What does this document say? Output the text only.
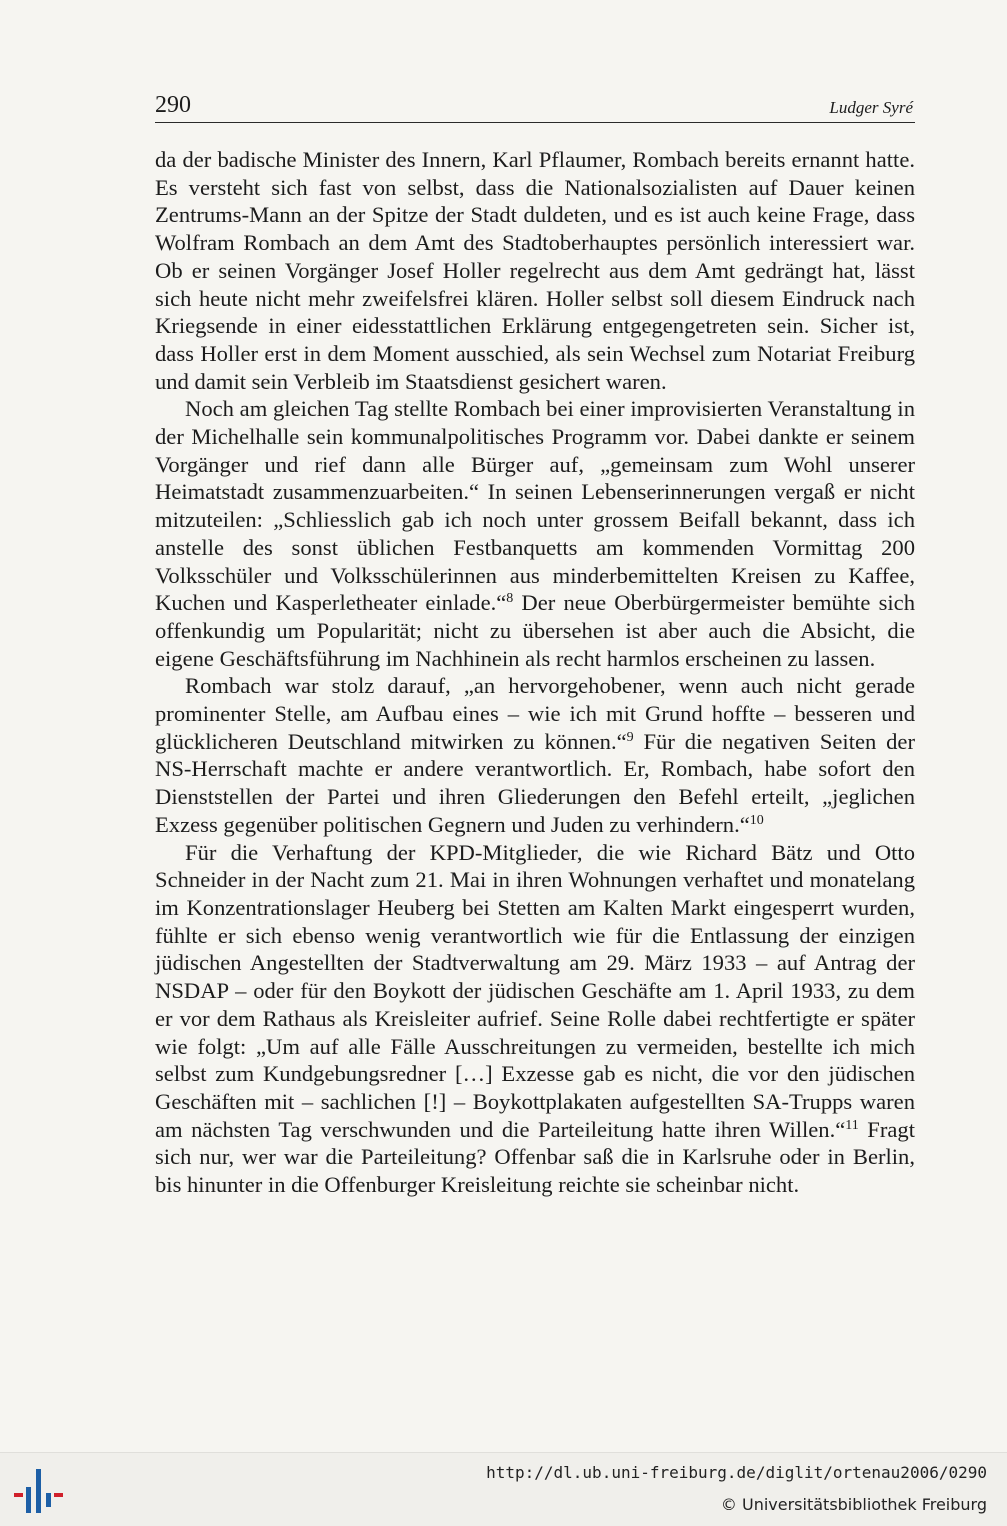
290	Ludger Syré

da der badische Minister des Innern, Karl Pflaumer, Rombach bereits ernannt hatte. Es versteht sich fast von selbst, dass die Nationalsozialisten auf Dauer keinen Zentrums-Mann an der Spitze der Stadt duldeten, und es ist auch keine Frage, dass Wolfram Rombach an dem Amt des Stadtoberhauptes persönlich interessiert war. Ob er seinen Vorgänger Josef Holler regelrecht aus dem Amt gedrängt hat, lässt sich heute nicht mehr zweifelsfrei klären. Holler selbst soll diesem Eindruck nach Kriegsende in einer eidesstattlichen Erklärung entgegengetreten sein. Sicher ist, dass Holler erst in dem Moment ausschied, als sein Wechsel zum Notariat Freiburg und damit sein Verbleib im Staatsdienst gesichert waren.

Noch am gleichen Tag stellte Rombach bei einer improvisierten Veranstaltung in der Michelhalle sein kommunalpolitisches Programm vor. Dabei dankte er seinem Vorgänger und rief dann alle Bürger auf, „gemeinsam zum Wohl unserer Heimatstadt zusammenzuarbeiten.“ In seinen Lebenserinnerungen vergaß er nicht mitzuteilen: „Schliesslich gab ich noch unter grossem Beifall bekannt, dass ich anstelle des sonst üblichen Festbanquetts am kommenden Vormittag 200 Volksschüler und Volksschülerinnen aus minderbemittelten Kreisen zu Kaffee, Kuchen und Kasperletheater einlade.“$^8$ Der neue Oberbürgermeister bemühte sich offenkundig um Popularität; nicht zu übersehen ist aber auch die Absicht, die eigene Geschäftsführung im Nachhinein als recht harmlos erscheinen zu lassen.

Rombach war stolz darauf, „an hervorgehobener, wenn auch nicht gerade prominenter Stelle, am Aufbau eines – wie ich mit Grund hoffte – besseren und glücklicheren Deutschland mitwirken zu können.“$^9$ Für die negativen Seiten der NS-Herrschaft machte er andere verantwortlich. Er, Rombach, habe sofort den Dienststellen der Partei und ihren Gliederungen den Befehl erteilt, „jeglichen Exzess gegenüber politischen Gegnern und Juden zu verhindern.“$^{10}$

Für die Verhaftung der KPD-Mitglieder, die wie Richard Bätz und Otto Schneider in der Nacht zum 21. Mai in ihren Wohnungen verhaftet und monatelang im Konzentrationslager Heuberg bei Stetten am Kalten Markt eingesperrt wurden, fühlte er sich ebenso wenig verantwortlich wie für die Entlassung der einzigen jüdischen Angestellten der Stadtverwaltung am 29. März 1933 – auf Antrag der NSDAP – oder für den Boykott der jüdischen Geschäfte am 1. April 1933, zu dem er vor dem Rathaus als Kreisleiter aufrief. Seine Rolle dabei rechtfertigte er später wie folgt: „Um auf alle Fälle Ausschreitungen zu vermeiden, bestellte ich mich selbst zum Kundgebungsredner […] Exzesse gab es nicht, die vor den jüdischen Geschäften mit – sachlichen [!] – Boykottplakaten aufgestellten SA-Trupps waren am nächsten Tag verschwunden und die Parteileitung hatte ihren Willen.“$^{11}$ Fragt sich nur, wer war die Parteileitung? Offenbar saß die in Karlsruhe oder in Berlin, bis hinunter in die Offenburger Kreisleitung reichte sie scheinbar nicht.

http://dl.ub.uni-freiburg.de/diglit/ortenau2006/0290
© Universitätsbibliothek Freiburg
